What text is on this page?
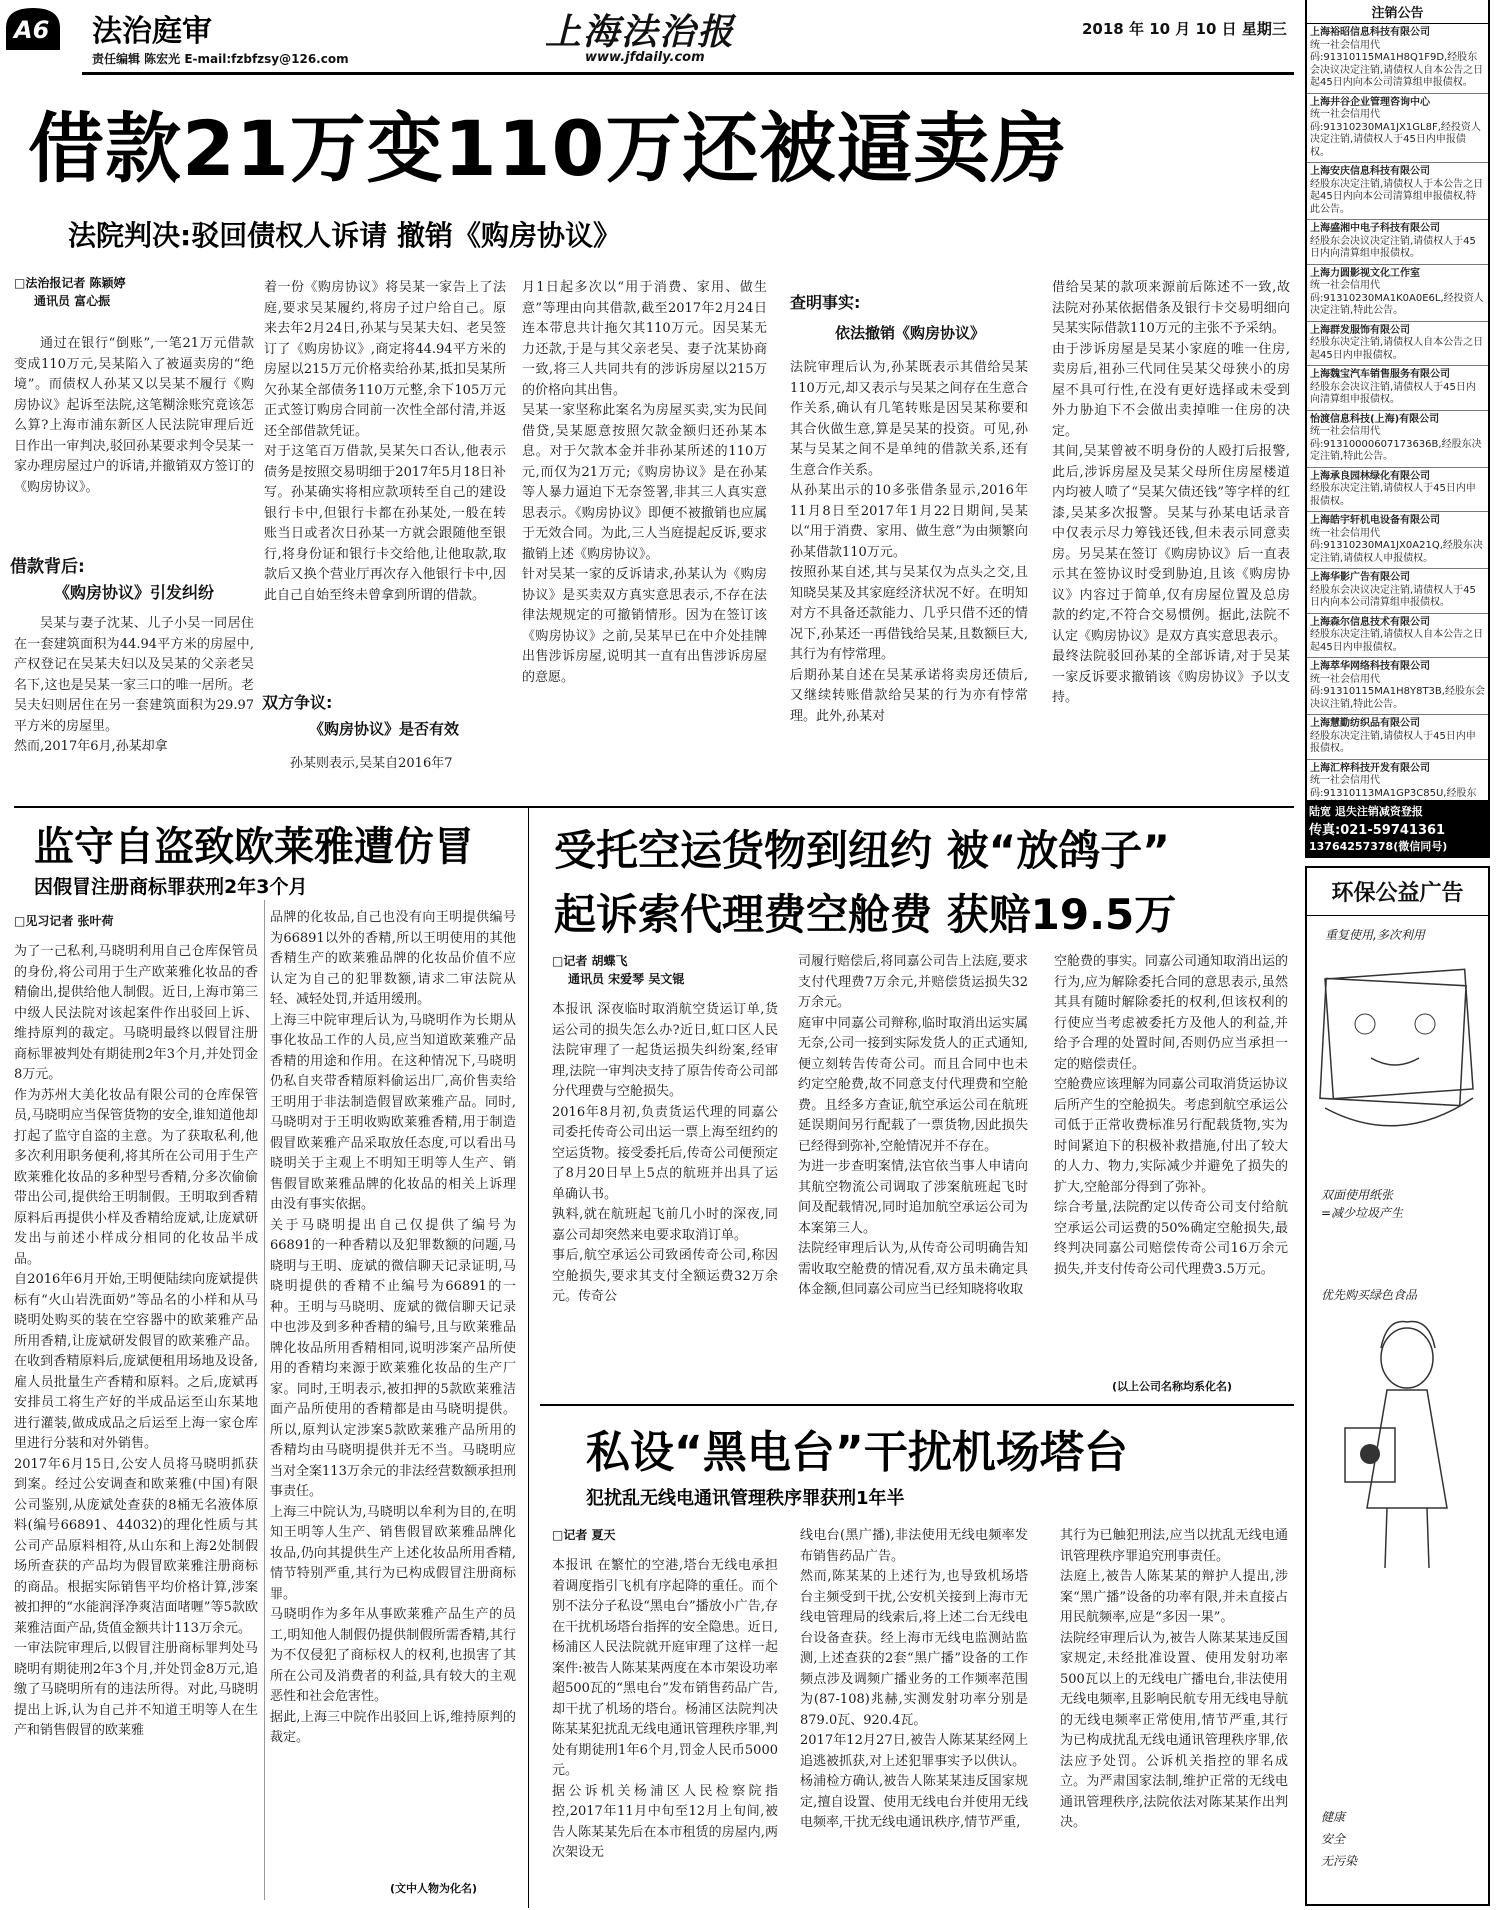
A6 法治庭审
责任编辑 陈宏光 E-mail:fzbfzsy@126.com
上海法治报
www.jfdaily.com
2018 年 10 月 10 日 星期三
借款21万变110万还被逼卖房
法院判决:驳回债权人诉请 撤销《购房协议》
□法治报记者 陈颖婷
通讯员 富心振
通过在银行“倒账”,一笔21万元借款变成110万元,吴某陷入了被逼卖房的“绝境”。而债权人孙某又以吴某不履行《购房协议》起诉至法院,这笔糊涂账究竟该怎么算?上海市浦东新区人民法院审理后近日作出一审判决,驳回孙某要求判令吴某一家办理房屋过户的诉请,并撤销双方签订的《购房协议》。
借款背后:
《购房协议》引发纠纷
吴某与妻子沈某、儿子小吴一同居住在一套建筑面积为44.94平方米的房屋中,产权登记在吴某夫妇以及吴某的父亲老吴名下,这也是吴某一家三口的唯一居所。老吴夫妇则居住在另一套建筑面积为29.97平方米的房屋里。
然而,2017年6月,孙某却拿
着一份《购房协议》将吴某一家告上了法庭,要求吴某履约,将房子过户给自己。原来去年2月24日,孙某与吴某夫妇、老吴签订了《购房协议》,商定将44.94平方米的房屋以215万元价格卖给孙某,抵扣吴某所欠孙某全部债务110万元整,余下105万元正式签订购房合同前一次性全部付清,并返还全部借款凭证。
对于这笔百万借款,吴某矢口否认,他表示债务是按照交易明细于2017年5月18日补写。孙某确实将相应款项转至自己的建设银行卡中,但银行卡都在孙某处,一般在转账当日或者次日孙某一方就会跟随他至银行,将身份证和银行卡交给他,让他取款,取款后又换个营业厅再次存入他银行卡中,因此自己自始至终未曾拿到所谓的借款。
双方争议:
《购房协议》是否有效
孙某则表示,吴某自2016年7
月1日起多次以“用于消费、家用、做生意”等理由向其借款,截至2017年2月24日连本带息共计拖欠其110万元。因吴某无力还款,于是与其父亲老吴、妻子沈某协商一致,将三人共同共有的涉诉房屋以215万的价格向其出售。
吴某一家坚称此案名为房屋买卖,实为民间借贷,吴某愿意按照欠款金额归还孙某本息。对于欠款本金并非孙某所述的110万元,而仅为21万元;《购房协议》是在孙某等人暴力逼迫下无奈签署,非其三人真实意思表示。《购房协议》即便不被撤销也应属于无效合同。为此,三人当庭提起反诉,要求撤销上述《购房协议》。
针对吴某一家的反诉请求,孙某认为《购房协议》是买卖双方真实意思表示,不存在法律法规规定的可撤销情形。因为在签订该《购房协议》之前,吴某早已在中介处挂牌出售涉诉房屋,说明其一直有出售涉诉房屋的意愿。
查明事实:
依法撤销《购房协议》
法院审理后认为,孙某既表示其借给吴某110万元,却又表示与吴某之间存在生意合作关系,确认有几笔转账是因吴某称要和其合伙做生意,算是吴某的投资。可见,孙某与吴某之间不是单纯的借款关系,还有生意合作关系。
从孙某出示的10多张借条显示,2016年11月8日至2017年1月22日期间,吴某以“用于消费、家用、做生意”为由频繁向孙某借款110万元。
按照孙某自述,其与吴某仅为点头之交,且知晓吴某及其家庭经济状况不好。在明知对方不具备还款能力、几乎只借不还的情况下,孙某还一再借钱给吴某,且数额巨大,其行为有悖常理。
后期孙某自述在吴某承诺将卖房还债后,又继续转账借款给吴某的行为亦有悖常理。此外,孙某对
借给吴某的款项来源前后陈述不一致,故法院对孙某依据借条及银行卡交易明细向吴某实际借款110万元的主张不予采纳。
由于涉诉房屋是吴某小家庭的唯一住房,卖房后,祖孙三代同住吴某父母狭小的房屋不具可行性,在没有更好选择或未受到外力胁迫下不会做出卖掉唯一住房的决定。
其间,吴某曾被不明身份的人殴打后报警,此后,涉诉房屋及吴某父母所住房屋楼道内均被人喷了“吴某欠债还钱”等字样的红漆,吴某多次报警。吴某与孙某电话录音中仅表示尽力筹钱还钱,但未表示同意卖房。另吴某在签订《购房协议》后一直表示其在签协议时受到胁迫,且该《购房协议》内容过于简单,仅有房屋位置及总房款的约定,不符合交易惯例。据此,法院不认定《购房协议》是双方真实意思表示。
最终法院驳回孙某的全部诉请,对于吴某一家反诉要求撤销该《购房协议》予以支持。
监守自盗致欧莱雅遭仿冒
因假冒注册商标罪获刑2年3个月
□见习记者 张叶荷
为了一己私利,马晓明利用自己仓库保管员的身份,将公司用于生产欧莱雅化妆品的香精偷出,提供给他人制假。近日,上海市第三中级人民法院对该起案件作出驳回上诉、维持原判的裁定。马晓明最终以假冒注册商标罪被判处有期徒刑2年3个月,并处罚金8万元。
作为苏州大美化妆品有限公司的仓库保管员,马晓明应当保管货物的安全,谁知道他却打起了监守自盗的主意。为了获取私利,他多次利用职务便利,将其所在公司用于生产欧莱雅化妆品的多种型号香精,分多次偷偷带出公司,提供给王明制假。王明取到香精原料后再提供小样及香精给庞斌,让庞斌研发出与前述小样成分相同的化妆品半成品。
自2016年6月开始,王明便陆续向庞斌提供标有“火山岩洗面奶”等品名的小样和从马晓明处购买的装在空容器中的欧莱雅产品所用香精,让庞斌研发假冒的欧莱雅产品。在收到香精原料后,庞斌便租用场地及设备,雇人员批量生产香精和原料。之后,庞斌再安排员工将生产好的半成品运至山东某地进行灌装,做成成品之后运至上海一家仓库里进行分装和对外销售。
2017年6月15日,公安人员将马晓明抓获到案。经过公安调查和欧莱雅(中国)有限公司鉴别,从庞斌处查获的8桶无名液体原料(编号66891、44032)的理化性质与其公司产品原料相符,从山东和上海2处制假场所查获的产品均为假冒欧莱雅注册商标的商品。根据实际销售平均价格计算,涉案被扣押的“水能润泽净爽洁面啫喱”等5款欧莱雅洁面产品,货值金额共计113万余元。
一审法院审理后,以假冒注册商标罪判处马晓明有期徒刑2年3个月,并处罚金8万元,追缴了马晓明所有的违法所得。对此,马晓明提出上诉,认为自己并不知道王明等人在生产和销售假冒的欧莱雅
品牌的化妆品,自己也没有向王明提供编号为66891以外的香精,所以王明使用的其他香精生产的欧莱雅品牌的化妆品价值不应认定为自己的犯罪数额,请求二审法院从轻、减轻处罚,并适用缓刑。
上海三中院审理后认为,马晓明作为长期从事化妆品工作的人员,应当知道欧莱雅产品香精的用途和作用。在这种情况下,马晓明仍私自夹带香精原料偷运出厂,高价售卖给王明用于非法制造假冒欧莱雅产品。同时,马晓明对于王明收购欧莱雅香精,用于制造假冒欧莱雅产品采取放任态度,可以看出马晓明关于主观上不明知王明等人生产、销售假冒欧莱雅品牌的化妆品的相关上诉理由没有事实依据。
关于马晓明提出自己仅提供了编号为66891的一种香精以及犯罪数额的问题,马晓明与王明、庞斌的微信聊天记录证明,马晓明提供的香精不止编号为66891的一种。王明与马晓明、庞斌的微信聊天记录中也涉及到多种香精的编号,且与欧莱雅品牌化妆品所用香精相同,说明涉案产品所使用的香精均来源于欧莱雅化妆品的生产厂家。同时,王明表示,被扣押的5款欧莱雅洁面产品所使用的香精都是由马晓明提供。所以,原判认定涉案5款欧莱雅产品所用的香精均由马晓明提供并无不当。马晓明应当对全案113万余元的非法经营数额承担刑事责任。
上海三中院认为,马晓明以牟利为目的,在明知王明等人生产、销售假冒欧莱雅品牌化妆品,仍向其提供生产上述化妆品所用香精,情节特别严重,其行为已构成假冒注册商标罪。
马晓明作为多年从事欧莱雅产品生产的员工,明知他人制假仍提供制假所需香精,其行为不仅侵犯了商标权人的权利,也损害了其所在公司及消费者的利益,具有较大的主观恶性和社会危害性。
据此,上海三中院作出驳回上诉,维持原判的裁定。
(文中人物为化名)
受托空运货物到纽约 被“放鸽子”
起诉索代理费空舱费 获赔19.5万
□记者 胡蝶飞
通讯员 宋爱琴 吴文锟
本报讯 深夜临时取消航空货运订单,货运公司的损失怎么办?近日,虹口区人民法院审理了一起货运损失纠纷案,经审理,法院一审判决支持了原告传奇公司部分代理费与空舱损失。
2016年8月初,负责货运代理的同嘉公司委托传奇公司出运一票上海至纽约的空运货物。接受委托后,传奇公司便预定了8月20日早上5点的航班并出具了运单确认书。
孰料,就在航班起飞前几小时的深夜,同嘉公司却突然来电要求取消订单。
事后,航空承运公司致函传奇公司,称因空舱损失,要求其支付全额运费32万余元。传奇公
司履行赔偿后,将同嘉公司告上法庭,要求支付代理费7万余元,并赔偿货运损失32万余元。
庭审中同嘉公司辩称,临时取消出运实属无奈,公司一接到实际发货人的正式通知,便立刻转告传奇公司。而且合同中也未约定空舱费,故不同意支付代理费和空舱费。且经多方查证,航空承运公司在航班延误期间另行配载了一票货物,因此损失已经得到弥补,空舱情况并不存在。
为进一步查明案情,法官依当事人申请向其航空物流公司调取了涉案航班起飞时间及配载情况,同时追加航空承运公司为本案第三人。
法院经审理后认为,从传奇公司明确告知需收取空舱费的情况看,双方虽未确定具体金额,但同嘉公司应当已经知晓将收取
空舱费的事实。同嘉公司通知取消出运的行为,应为解除委托合同的意思表示,虽然其具有随时解除委托的权利,但该权利的行使应当考虑被委托方及他人的利益,并给予合理的处置时间,否则仍应当承担一定的赔偿责任。
空舱费应该理解为同嘉公司取消货运协议后所产生的空舱损失。考虑到航空承运公司低于正常收费标准另行配载货物,实为时间紧迫下的积极补救措施,付出了较大的人力、物力,实际减少并避免了损失的扩大,空舱部分得到了弥补。
综合考量,法院酌定以传奇公司支付给航空承运公司运费的50%确定空舱损失,最终判决同嘉公司赔偿传奇公司16万余元损失,并支付传奇公司代理费3.5万元。
(以上公司名称均系化名)
私设“黑电台”干扰机场塔台
犯扰乱无线电通讯管理秩序罪获刑1年半
□记者 夏天
本报讯 在繁忙的空港,塔台无线电承担着调度指引飞机有序起降的重任。而个别不法分子私设“黑电台”播放小广告,存在干扰机场塔台指挥的安全隐患。近日,杨浦区人民法院就开庭审理了这样一起案件:被告人陈某某两度在本市架设功率超500瓦的“黑电台”发布销售药品广告,却干扰了机场的塔台。杨浦区法院判决陈某某犯扰乱无线电通讯管理秩序罪,判处有期徒刑1年6个月,罚金人民币5000元。
据公诉机关杨浦区人民检察院指控,2017年11月中旬至12月上旬间,被告人陈某某先后在本市租赁的房屋内,两次架设无
线电台(黑广播),非法使用无线电频率发布销售药品广告。
然而,陈某某的上述行为,也导致机场塔台主频受到干扰,公安机关接到上海市无线电管理局的线索后,将上述二台无线电台设备查获。经上海市无线电监测站监测,上述查获的2套“黑广播”设备的工作频点涉及调频广播业务的工作频率范围为(87-108)兆赫,实测发射功率分别是879.0瓦、920.4瓦。
2017年12月27日,被告人陈某某经网上追逃被抓获,对上述犯罪事实予以供认。
杨浦检方确认,被告人陈某某违反国家规定,擅自设置、使用无线电台并使用无线电频率,干扰无线电通讯秩序,情节严重,
其行为已触犯刑法,应当以扰乱无线电通讯管理秩序罪追究刑事责任。
法庭上,被告人陈某某的辩护人提出,涉案“黑广播”设备的功率有限,并未直接占用民航频率,应是“多因一果”。
法院经审理后认为,被告人陈某某违反国家规定,未经批准设置、使用发射功率500瓦以上的无线电广播电台,非法使用无线电频率,且影响民航专用无线电导航的无线电频率正常使用,情节严重,其行为已构成扰乱无线电通讯管理秩序罪,依法应予处罚。公诉机关指控的罪名成立。为严肃国家法制,维护正常的无线电通讯管理秩序,法院依法对陈某某作出判决。
注销公告
上海裕昭信息科技有限公司
统一社会信用代码:91310115MA1H8Q1F9D,经股东会决议决定注销,请债权人自本公告之日起45日内向本公司清算组申报债权。
上海井谷企业管理咨询中心
统一社会信用代码:91310230MA1JX1GL8F,经投资人决定注销,请债权人于45日内申报债权。
上海安庆信息科技有限公司
经股东决定注销,请债权人于本公告之日起45日内向本公司清算组申报债权,特此公告。
上海盛湘中电子科技有限公司
经股东会决议决定注销,请债权人于45日内向清算组申报债权。
上海力圆影视文化工作室
统一社会信用代码:91310230MA1K0A0E6L,经投资人决定注销,特此公告。
上海群发服饰有限公司
经股东决定注销,请债权人自本公告之日起45日内申报债权。
上海魏宝汽车销售服务有限公司
经股东会决议注销,请债权人于45日内向清算组申报债权。
怡渡信息科技(上海)有限公司
统一社会信用代码:91310000607173636B,经股东决定注销,特此公告。
上海承良园林绿化有限公司
经股东决定注销,请债权人于45日内申报债权。
上海皓宇轩机电设备有限公司
统一社会信用代码:91310230MA1JX0A21Q,经股东决定注销,请债权人申报债权。
上海华影广告有限公司
经股东会决议决定注销,请债权人于45日内向本公司清算组申报债权。
上海森尔信息技术有限公司
经股东决定注销,请债权人自本公告之日起45日内申报债权。
上海萃华网络科技有限公司
统一社会信用代码:91310115MA1H8Y8T3B,经股东会决议注销,特此公告。
上海慧勤纺织品有限公司
经股东决定注销,请债权人于45日内申报债权。
上海汇梓科技开发有限公司
统一社会信用代码:91310113MA1GP3C85U,经股东
陆宽 退失注销减资登报
传真:021-59741361
13764257378(微信同号)
环保公益广告
重复使用,多次利用
双面使用纸张
=减少垃圾产生
优先购买绿色食品
健康
安全
无污染
